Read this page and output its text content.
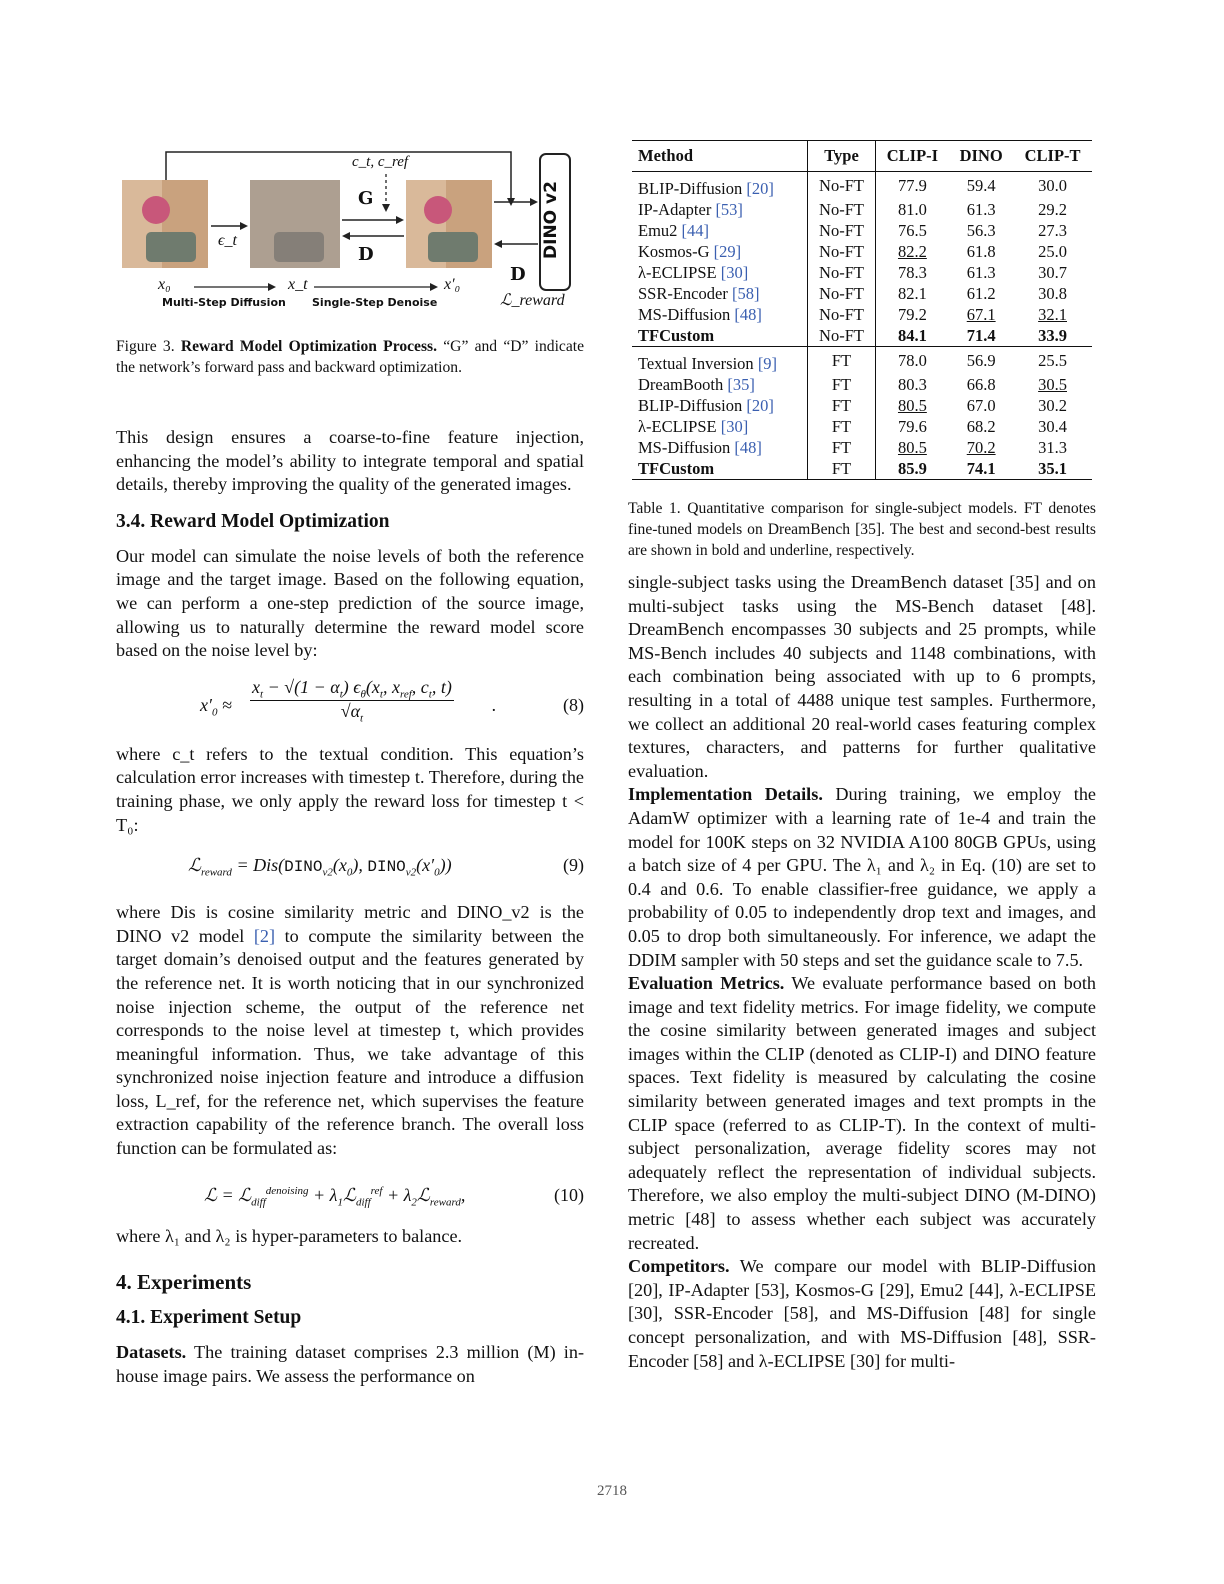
c_t, c_ref
G
D
D
ϵ_t
x₀	x_t	x′₀
ℒ_reward
DINO v2
Multi-Step Diffusion Single-Step Denoise

Figure 3. Reward Model Optimization Process. “G” and “D” indicate the network’s forward pass and backward optimization.

This design ensures a coarse-to-fine feature injection, enhancing the model’s ability to integrate temporal and spatial details, thereby improving the quality of the generated images.

3.4. Reward Model Optimization

Our model can simulate the noise levels of both the reference image and the target image. Based on the following equation, we can perform a one-step prediction of the source image, allowing us to naturally determine the reward model score based on the noise level by:

$x'_0$ ≈
$x_t - √(1 - \alpha_t)$ $\epsilon_\theta(x_t$, $x_{ref}$, $c_t$, t)
$√\alpha_t$
.	(8)

where c_t refers to the textual condition. This equation’s calculation error increases with timestep t. Therefore, during the training phase, we only apply the reward loss for timestep t < T₀:

ℒ$_{reward}$ = $Dis(DINO_{v2}(x_0)$, $DINO_{v2}(x'_0)$)	(9)

where Dis is cosine similarity metric and DINO_v2 is the DINO v2 model [2] to compute the similarity between the target domain’s denoised output and the features generated by the reference net. It is worth noticing that in our synchronized noise injection scheme, the output of the reference net corresponds to the noise level at timestep t, which provides meaningful information. Thus, we take advantage of this synchronized noise injection feature and introduce a diffusion loss, L_ref, for the reference net, which supervises the feature extraction capability of the reference branch. The overall loss function can be formulated as:

ℒ = ℒ$_{diff}^{denoising}$ + $\lambda_1ℒ_{diff}^{ref}$ + $\lambda_2ℒ_{reward}$,	(10)

where λ₁ and λ₂ is hyper-parameters to balance.

4. Experiments
4.1. Experiment Setup

Datasets. The training dataset comprises 2.3 million (M) in-house image pairs. We assess the performance on

Method	Type	CLIP-I	DINO	CLIP-T
BLIP-Diffusion [20]	No-FT	77.9	59.4	30.0
IP-Adapter [53]	No-FT	81.0	61.3	29.2
Emu2 [44]	No-FT	76.5	56.3	27.3
Kosmos-G [29]	No-FT	82.2	61.8	25.0
λ-ECLIPSE [30]	No-FT	78.3	61.3	30.7
SSR-Encoder [58]	No-FT	82.1	61.2	30.8
MS-Diffusion [48]	No-FT	79.2	67.1	32.1
TFCustom	No-FT	84.1	71.4	33.9
Textual Inversion [9]	FT	78.0	56.9	25.5
DreamBooth [35]	FT	80.3	66.8	30.5
BLIP-Diffusion [20]	FT	80.5	67.0	30.2
λ-ECLIPSE [30]	FT	79.6	68.2	30.4
MS-Diffusion [48]	FT	80.5	70.2	31.3
TFCustom	FT	85.9	74.1	35.1

Table 1. Quantitative comparison for single-subject models. FT denotes fine-tuned models on DreamBench [35]. The best and second-best results are shown in bold and underline, respectively.

single-subject tasks using the DreamBench dataset [35] and on multi-subject tasks using the MS-Bench dataset [48]. DreamBench encompasses 30 subjects and 25 prompts, while MS-Bench includes 40 subjects and 1148 combinations, with each combination being associated with up to 6 prompts, resulting in a total of 4488 unique test samples. Furthermore, we collect an additional 20 real-world cases featuring complex textures, characters, and patterns for further qualitative evaluation.

Implementation Details. During training, we employ the AdamW optimizer with a learning rate of 1e-4 and train the model for 100K steps on 32 NVIDIA A100 80GB GPUs, using a batch size of 4 per GPU. The λ₁ and λ₂ in Eq. (10) are set to 0.4 and 0.6. To enable classifier-free guidance, we apply a probability of 0.05 to independently drop text and images, and 0.05 to drop both simultaneously. For inference, we adapt the DDIM sampler with 50 steps and set the guidance scale to 7.5.

Evaluation Metrics. We evaluate performance based on both image and text fidelity metrics. For image fidelity, we compute the cosine similarity between generated images and subject images within the CLIP (denoted as CLIP-I) and DINO feature spaces. Text fidelity is measured by calculating the cosine similarity between generated images and text prompts in the CLIP space (referred to as CLIP-T). In the context of multi-subject personalization, average fidelity scores may not adequately reflect the representation of individual subjects. Therefore, we also employ the multi-subject DINO (M-DINO) metric [48] to assess whether each subject was accurately recreated.

Competitors. We compare our model with BLIP-Diffusion [20], IP-Adapter [53], Kosmos-G [29], Emu2 [44], λ-ECLIPSE [30], SSR-Encoder [58], and MS-Diffusion [48] for single concept personalization, and with MS-Diffusion [48], SSR-Encoder [58] and λ-ECLIPSE [30] for multi-

2718
